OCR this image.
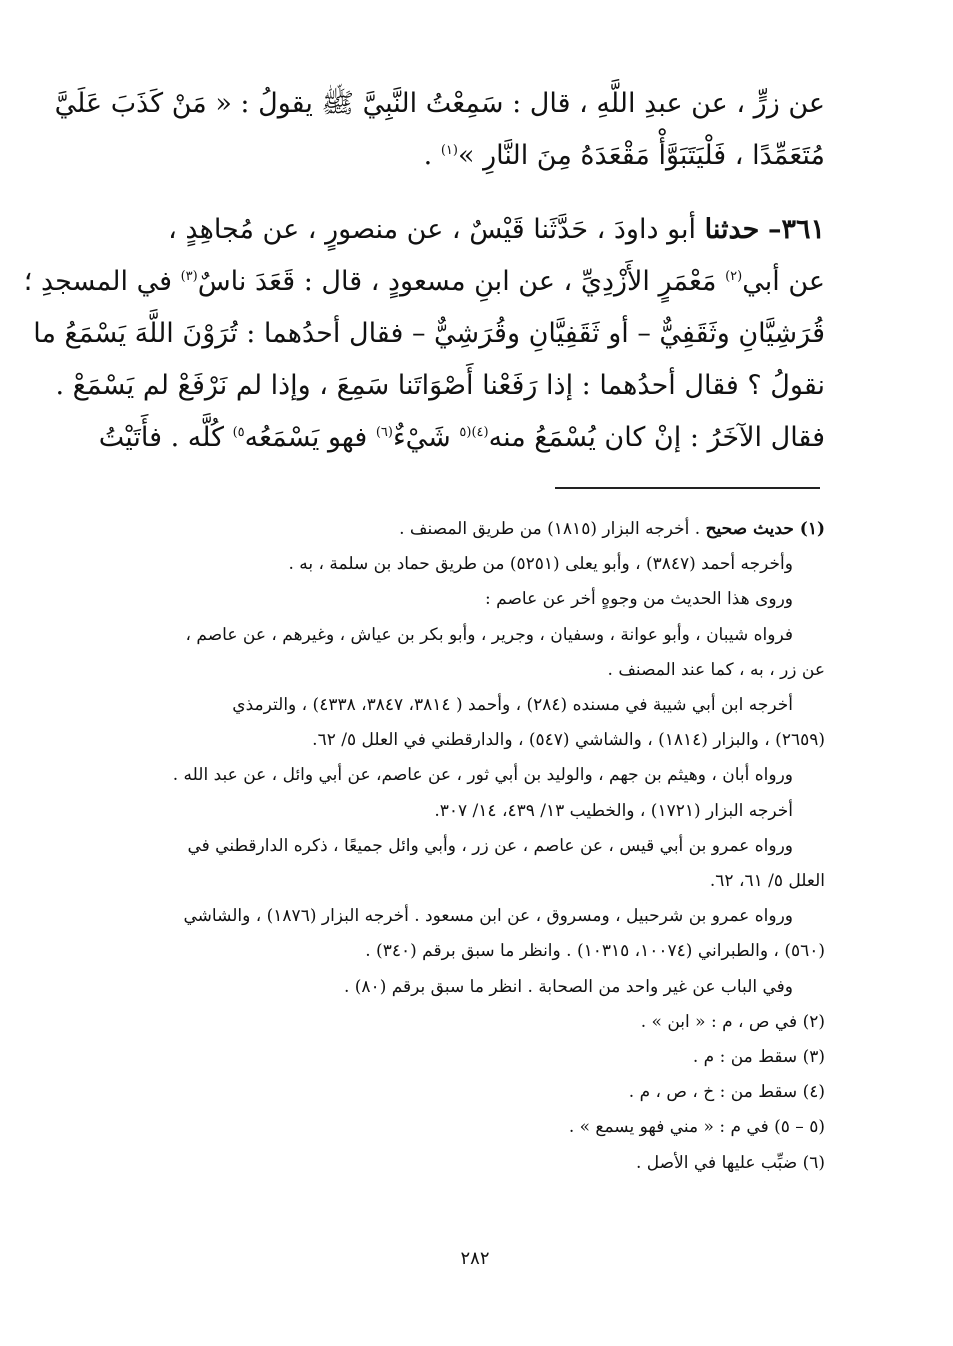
عن زرٍّ ، عن عبدِ اللَّهِ ، قال : سَمِعْتُ النَّبِيَّ ﷺ يقولُ : « مَنْ كَذَبَ عَلَيَّ
مُتَعَمِّدًا ، فَلْيَتَبَوَّأْ مَقْعَدَهُ مِنَ النَّارِ »$^{(١)}$ .
٣٦١– حدثنا أبو داودَ ، حَدَّثَنا قَيْسٌ ، عن منصورٍ ، عن مُجاهِدٍ ،
عن أبي$^{(٢)}$ مَعْمَرٍ الأَزْدِيِّ ، عن ابنِ مسعودٍ ، قال : قَعَدَ ناسٌ$^{(٣)}$ في المسجدِ ؛
قُرَشِيَّانِ وثَقَفِيٌّ – أو ثَقَفِيَّانِ وقُرَشِيٌّ – فقال أحدُهما : تُرَوْنَ اللَّهَ يَسْمَعُ ما
نقولُ ؟ فقال أحدُهما : إذا رَفَعْنا أَصْوَاتَنا سَمِعَ ، وإذا لم نَرْفَعْ لم يَسْمَعْ .
فقال الآخَرُ : إنْ كان يُسْمَعُ منه$^{(٤)(٥}$ شَيْءٌ$^{(٦)}$ فهو يَسْمَعُه$^{٥)}$ كُلَّه . فأَتَيْتُ
(١) حديث صحيح . أخرجه البزار (١٨١٥) من طريق المصنف .
وأخرجه أحمد (٣٨٤٧) ، وأبو يعلى (٥٢٥١) من طريق حماد بن سلمة ، به .
وروى هذا الحديث من وجوهٍ أخر عن عاصم :
فرواه شيبان ، وأبو عوانة ، وسفيان ، وجرير ، وأبو بكر بن عياش ، وغيرهم ، عن عاصم ،
عن زر ، به ، كما عند المصنف .
أخرجه ابن أبي شيبة في مسنده (٢٨٤) ، وأحمد ( ٣٨١٤، ٣٨٤٧، ٤٣٣٨) ، والترمذي
(٢٦٥٩) ، والبزار (١٨١٤) ، والشاشي (٥٤٧) ، والدارقطني في العلل ٥/ ٦٢.
ورواه أبان ، وهيثم بن جهم ، والوليد بن أبي ثور ، عن عاصم، عن أبي وائل ، عن عبد الله .
أخرجه البزار (١٧٢١) ، والخطيب ١٣/ ٤٣٩، ١٤/ ٣٠٧.
ورواه عمرو بن أبي قيس ، عن عاصم ، عن زر ، وأبي وائل جميعًا ، ذكره الدارقطني في
العلل ٥/ ٦١، ٦٢.
ورواه عمرو بن شرحبيل ، ومسروق ، عن ابن مسعود . أخرجه البزار (١٨٧٦) ، والشاشي
(٥٦٠) ، والطبراني (١٠٠٧٤، ١٠٣١٥) . وانظر ما سبق برقم (٣٤٠) .
وفي الباب عن غير واحد من الصحابة . انظر ما سبق برقم (٨٠) .
(٢) في ص ، م : « ابن » .
(٣) سقط من : م .
(٤) سقط من : خ ، ص ، م .
(٥ – ٥) في م : « مني فهو يسمع » .
(٦) ضبِّب عليها في الأصل .
٢٨٢
